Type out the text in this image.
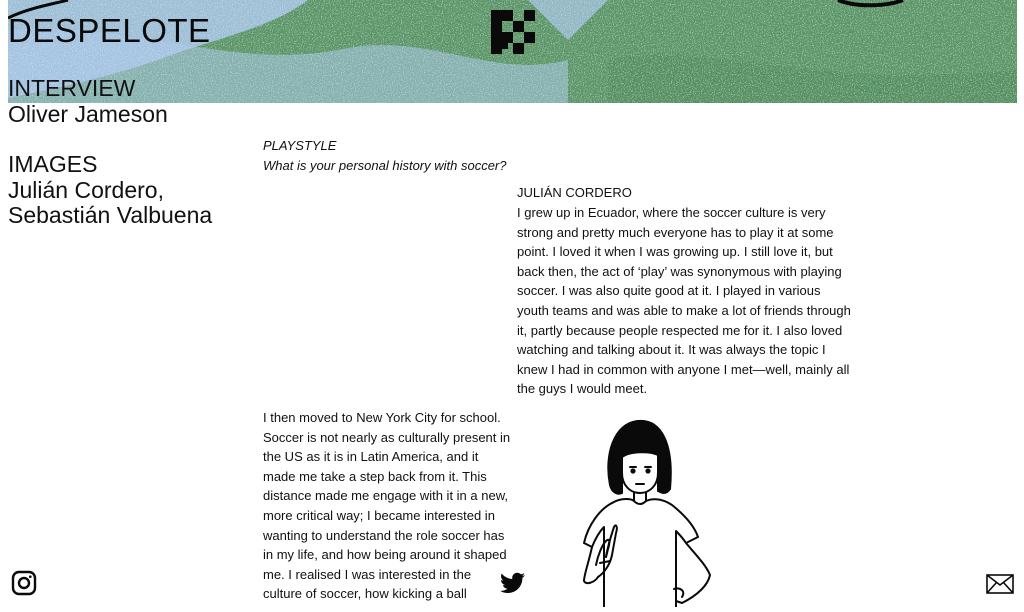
DESPELOTE
INTERVIEW
Oliver Jameson
IMAGES
Julián Cordero,
Sebastián Valbuena
PLAYSTYLE
What is your personal history with soccer?
JULIÁN CORDERO

I grew up in Ecuador, where the soccer culture is very strong and pretty much everyone has to play it at some point. I loved it when I was growing up. I still love it, but back then, the act of ‘play’ was synonymous with playing soccer. I was also quite good at it. I played in various youth teams and was able to make a lot of friends through it, partly because people respected me for it. I also loved watching and talking about it. It was always the topic I knew I had in common with anyone I met—well, mainly all the guys I would meet.

I then moved to New York City for school. Soccer is not nearly as culturally present in the US as it is in Latin America, and it made me take a step back from it. This distance made me engage with it in a new, more critical way; I became interested in wanting to understand the role soccer has in my life, and how being around it shaped me. I realised I was interested in the culture of soccer, how kicking a ball
